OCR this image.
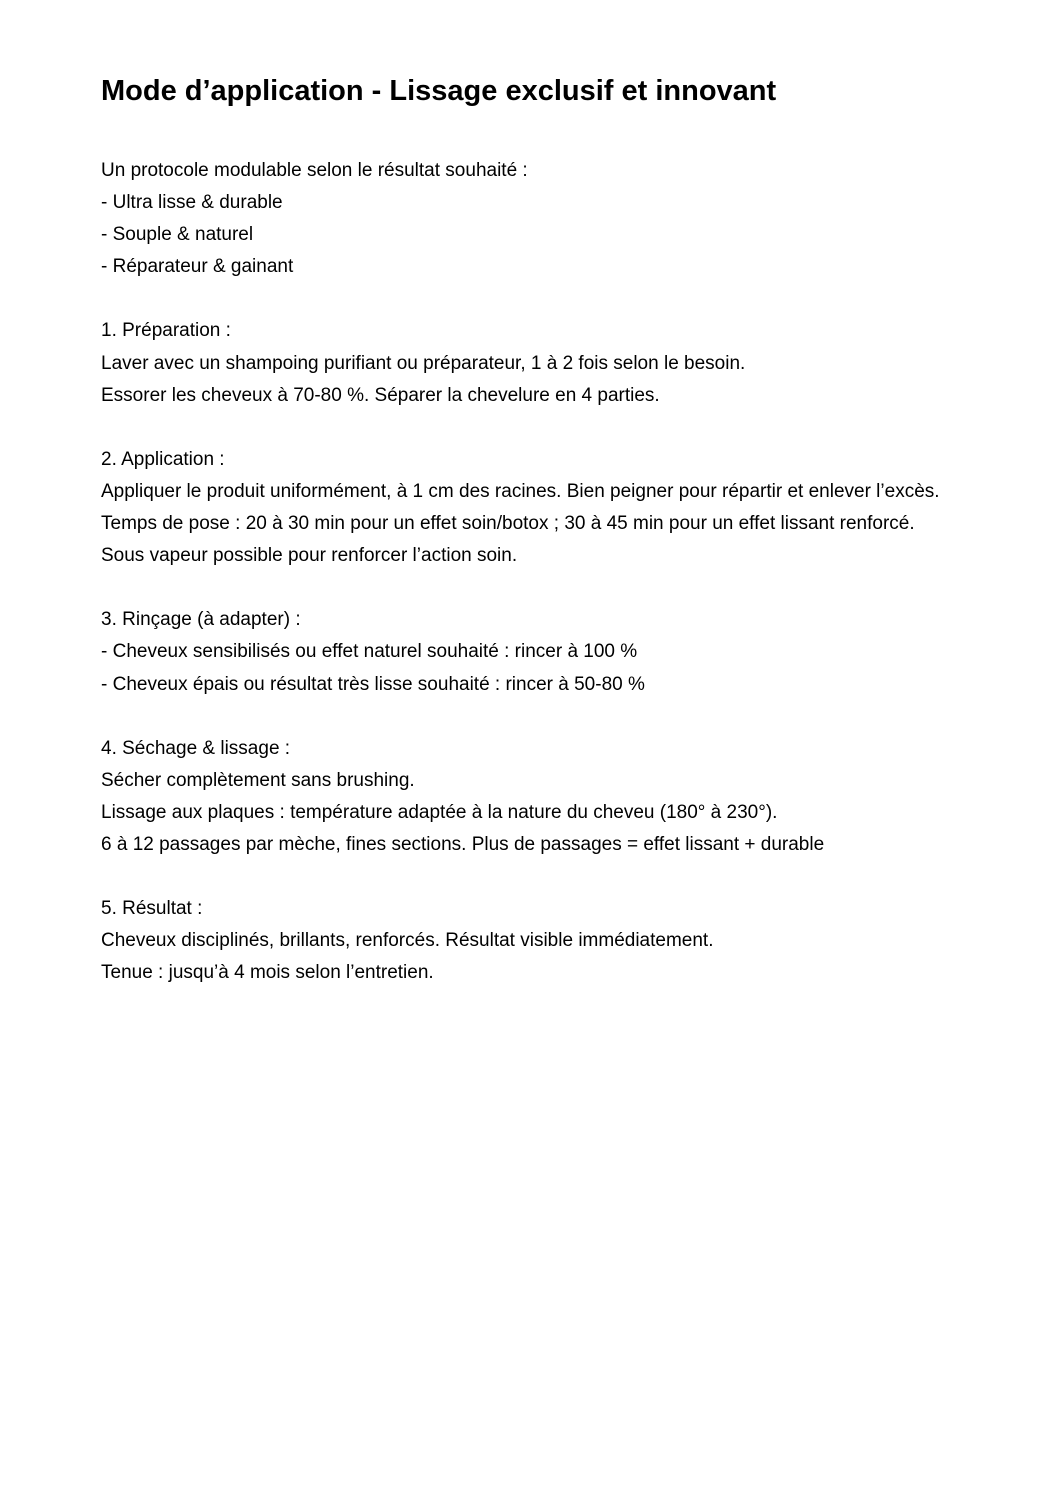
Mode d’application - Lissage exclusif et innovant
Un protocole modulable selon le résultat souhaité :
- Ultra lisse & durable
- Souple & naturel
- Réparateur & gainant
1. Préparation :
Laver avec un shampoing purifiant ou préparateur, 1 à 2 fois selon le besoin.
Essorer les cheveux à 70-80 %. Séparer la chevelure en 4 parties.
2. Application :
Appliquer le produit uniformément, à 1 cm des racines. Bien peigner pour répartir et enlever l’excès.
Temps de pose : 20 à 30 min pour un effet soin/botox ; 30 à 45 min pour un effet lissant renforcé.
Sous vapeur possible pour renforcer l’action soin.
3. Rinçage (à adapter) :
- Cheveux sensibilisés ou effet naturel souhaité : rincer à 100 %
- Cheveux épais ou résultat très lisse souhaité : rincer à 50-80 %
4. Séchage & lissage :
Sécher complètement sans brushing.
Lissage aux plaques : température adaptée à la nature du cheveu (180° à 230°).
6 à 12 passages par mèche, fines sections. Plus de passages = effet lissant + durable
5. Résultat :
Cheveux disciplinés, brillants, renforcés. Résultat visible immédiatement.
Tenue : jusqu’à 4 mois selon l’entretien.
